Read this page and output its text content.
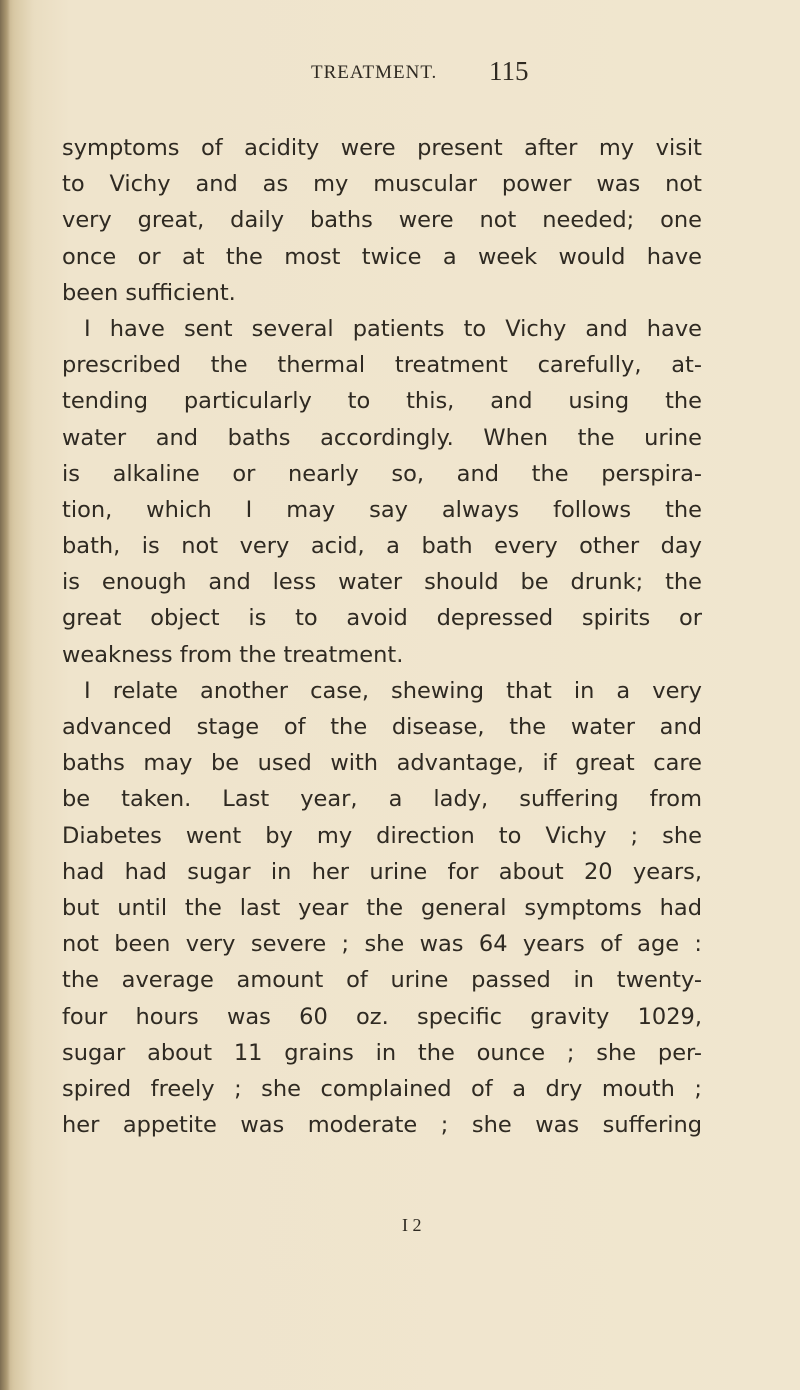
TREATMENT. 115
symptoms of acidity were present after my visit
to Vichy and as my muscular power was not
very great, daily baths were not needed; one
once or at the most twice a week would have
been sufficient.
I have sent several patients to Vichy and have
prescribed the thermal treatment carefully, at-
tending particularly to this, and using the
water and baths accordingly. When the urine
is alkaline or nearly so, and the perspira-
tion, which I may say always follows the
bath, is not very acid, a bath every other day
is enough and less water should be drunk; the
great object is to avoid depressed spirits or
weakness from the treatment.
I relate another case, shewing that in a very
advanced stage of the disease, the water and
baths may be used with advantage, if great care
be taken. Last year, a lady, suffering from
Diabetes went by my direction to Vichy ; she
had had sugar in her urine for about 20 years,
but until the last year the general symptoms had
not been very severe ; she was 64 years of age :
the average amount of urine passed in twenty-
four hours was 60 oz. specific gravity 1029,
sugar about 11 grains in the ounce ; she per-
spired freely ; she complained of a dry mouth ;
her appetite was moderate ; she was suffering
I 2
